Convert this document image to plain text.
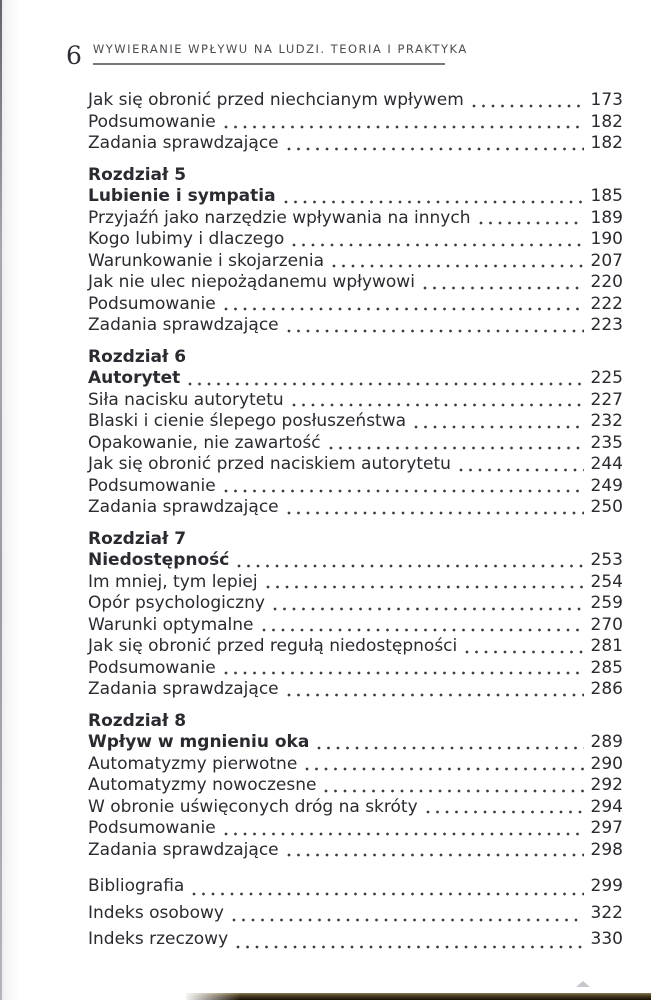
6 WYWIERANIE WPŁYWU NA LUDZI. TEORIA I PRAKTYKA
Jak się obronić przed niechcianym wpływem	173
Podsumowanie	182
Zadania sprawdzające	182
Rozdział 5
Lubienie i sympatia	185
Przyjaźń jako narzędzie wpływania na innych	189
Kogo lubimy i dlaczego	190
Warunkowanie i skojarzenia	207
Jak nie ulec niepożądanemu wpływowi	220
Podsumowanie	222
Zadania sprawdzające	223
Rozdział 6
Autorytet	225
Siła nacisku autorytetu	227
Blaski i cienie ślepego posłuszeństwa	232
Opakowanie, nie zawartość	235
Jak się obronić przed naciskiem autorytetu	244
Podsumowanie	249
Zadania sprawdzające	250
Rozdział 7
Niedostępność	253
Im mniej, tym lepiej	254
Opór psychologiczny	259
Warunki optymalne	270
Jak się obronić przed regułą niedostępności	281
Podsumowanie	285
Zadania sprawdzające	286
Rozdział 8
Wpływ w mgnieniu oka	289
Automatyzmy pierwotne	290
Automatyzmy nowoczesne	292
W obronie uświęconych dróg na skróty	294
Podsumowanie	297
Zadania sprawdzające	298
Bibliografia	299
Indeks osobowy	322
Indeks rzeczowy	330
